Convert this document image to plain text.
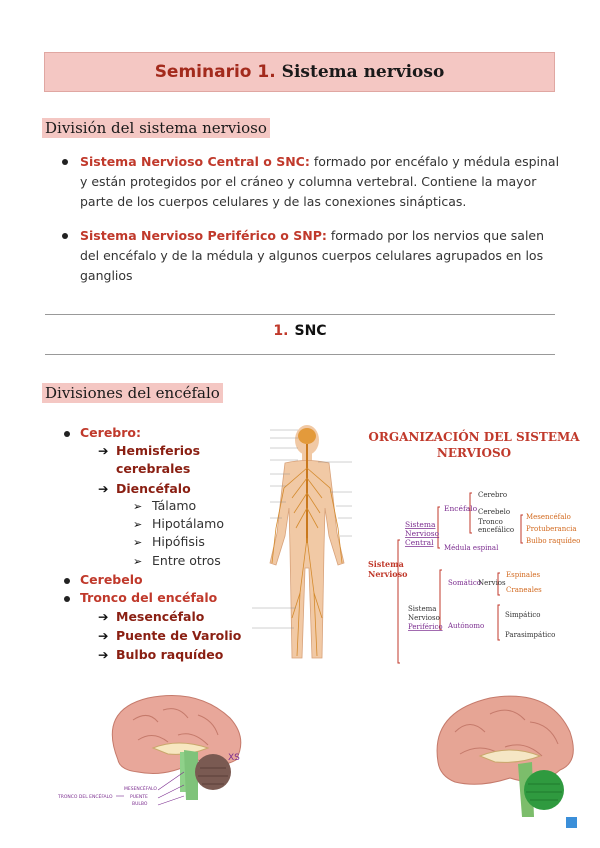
Seminario 1. Sistema nervioso
División del sistema nervioso
Sistema Nervioso Central o SNC: formado por encéfalo y médula espinal y están protegidos por el cráneo y columna vertebral. Contiene la mayor parte de los cuerpos celulares y de las conexiones sinápticas.
Sistema Nervioso Periférico o SNP: formado por los nervios que salen del encéfalo y de la médula y algunos cuerpos celulares agrupados en los ganglios
1. SNC
Divisiones del encéfalo
Cerebro:
➔ Hemisferios
cerebrales
➔ Diencéfalo
➢ Tálamo
➢ Hipotálamo
➢ Hipófisis
➢ Entre otros
Cerebelo
Tronco del encéfalo
➔ Mesencéfalo
➔ Puente de Varolio
➔ Bulbo raquídeo
ORGANIZACIÓN DEL SISTEMA
NERVIOSO
Sistema
Nervioso
Sistema
Nervioso
Central
Encéfalo
Cerebro
Cerebelo
Tronco
encefálico
Mesencéfalo
Protuberancia
Bulbo raquídeo
Médula espinal
Sistema
Nervioso
Periférico
Somático
Nervios
Espinales
Craneales
Autónomo
Simpático
Parasimpático
XS
TRONCO DEL ENCÉFALO
MESENCÉFALO
PUENTE
BULBO
